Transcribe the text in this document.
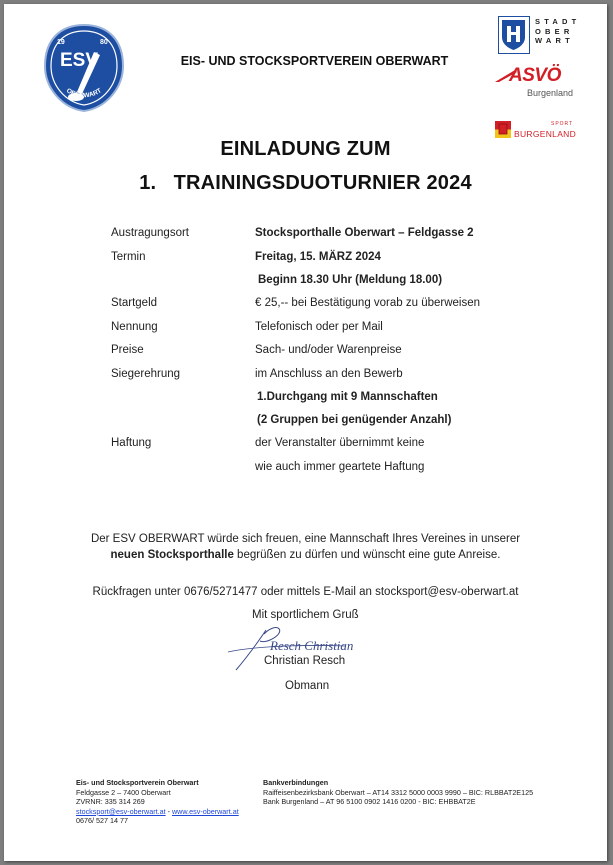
19	80
ESV
OBERWART
EIS- UND STOCKSPORTVEREIN OBERWART
STADT
OBER
WART
ASVÖ
Burgenland
SPORT
BURGENLAND
EINLADUNG ZUM
1.   TRAININGSDUOTURNIER 2024
Austragungsort	Stocksporthalle Oberwart – Feldgasse 2
Termin	Freitag, 15. MÄRZ 2024
Beginn 18.30 Uhr (Meldung 18.00)
Startgeld	€ 25,-- bei Bestätigung vorab zu überweisen
Nennung	Telefonisch oder per Mail
Preise	Sach- und/oder Warenpreise
Siegerehrung	im Anschluss an den Bewerb
1.Durchgang mit 9 Mannschaften
(2 Gruppen bei genügender Anzahl)
Haftung	der Veranstalter übernimmt keine
wie auch immer geartete Haftung
Der ESV OBERWART würde sich freuen, eine Mannschaft Ihres Vereines in unserer
neuen Stocksporthalle begrüßen zu dürfen und wünscht eine gute Anreise.
Rückfragen unter 0676/5271477 oder mittels E-Mail an stocksport@esv-oberwart.at
Mit sportlichem Gruß
Resch Christian
Christian Resch
Obmann
Eis- und Stocksportverein Oberwart
Feldgasse 2 – 7400 Oberwart
ZVRNR: 335 314 269
stocksport@esv-oberwart.at - www.esv-oberwart.at
0676/ 527 14 77
Bankverbindungen
Raiffeisenbezirksbank Oberwart – AT14 3312 5000 0003 9990 – BIC: RLBBAT2E125
Bank Burgenland – AT 96 5100 0902 1416 0200 - BIC: EHBBAT2E
